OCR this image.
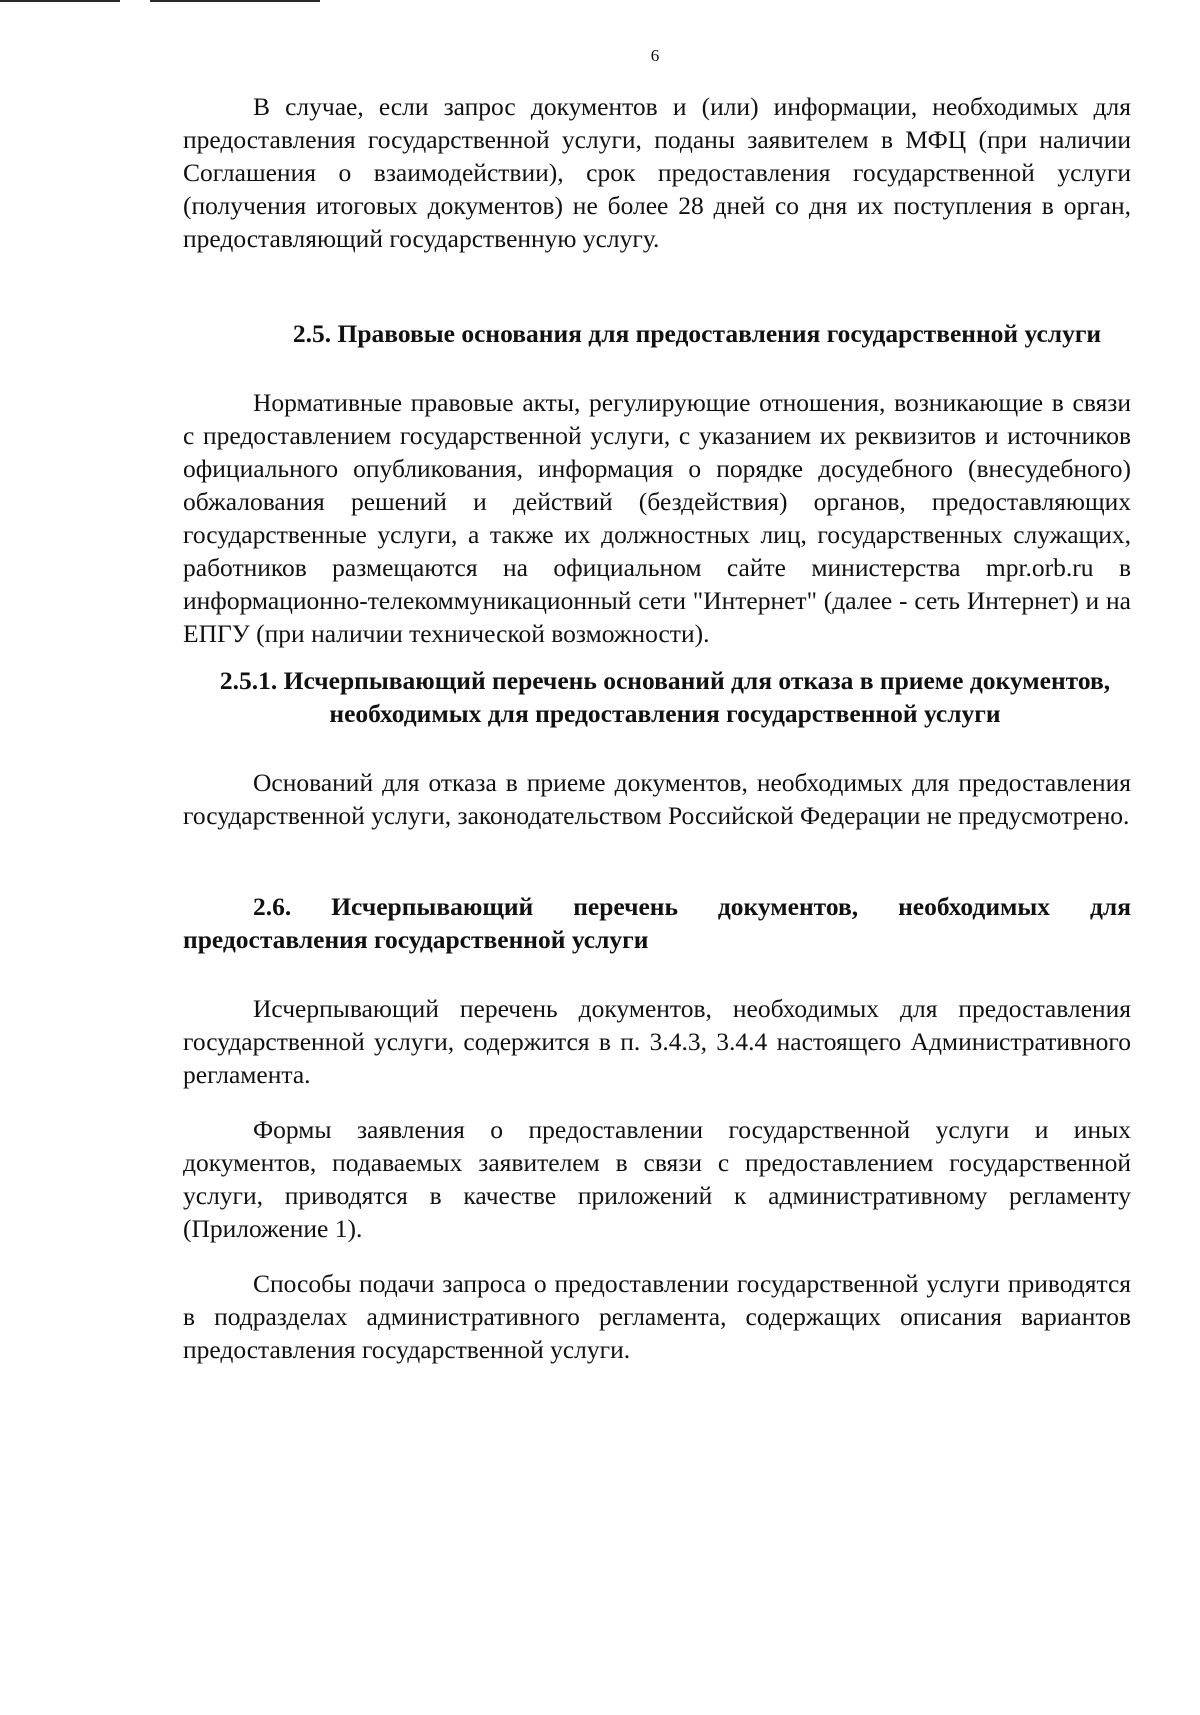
6

В случае, если запрос документов и (или) информации, необходимых для предоставления государственной услуги, поданы заявителем в МФЦ (при наличии Соглашения о взаимодействии), срок предоставления государственной услуги (получения итоговых документов) не более 28 дней со дня их поступления в орган, предоставляющий государственную услугу.

2.5. Правовые основания для предоставления государственной услуги

Нормативные правовые акты, регулирующие отношения, возникающие в связи с предоставлением государственной услуги, с указанием их реквизитов и источников официального опубликования, информация о порядке досудебного (внесудебного) обжалования решений и действий (бездействия) органов, предоставляющих государственные услуги, а также их должностных лиц, государственных служащих, работников размещаются на официальном сайте министерства mpr.orb.ru в информационно-телекоммуникационный сети "Интернет" (далее - сеть Интернет) и на ЕПГУ (при наличии технической возможности).

2.5.1. Исчерпывающий перечень оснований для отказа в приеме документов, необходимых для предоставления государственной услуги

Оснований для отказа в приеме документов, необходимых для предоставления государственной услуги, законодательством Российской Федерации не предусмотрено.

2.6. Исчерпывающий перечень документов, необходимых для предоставления государственной услуги

Исчерпывающий перечень документов, необходимых для предоставления государственной услуги, содержится в п. 3.4.3, 3.4.4 настоящего Административного регламента.

Формы заявления о предоставлении государственной услуги и иных документов, подаваемых заявителем в связи с предоставлением государственной услуги, приводятся в качестве приложений к административному регламенту (Приложение 1).

Способы подачи запроса о предоставлении государственной услуги приводятся в подразделах административного регламента, содержащих описания вариантов предоставления государственной услуги.
